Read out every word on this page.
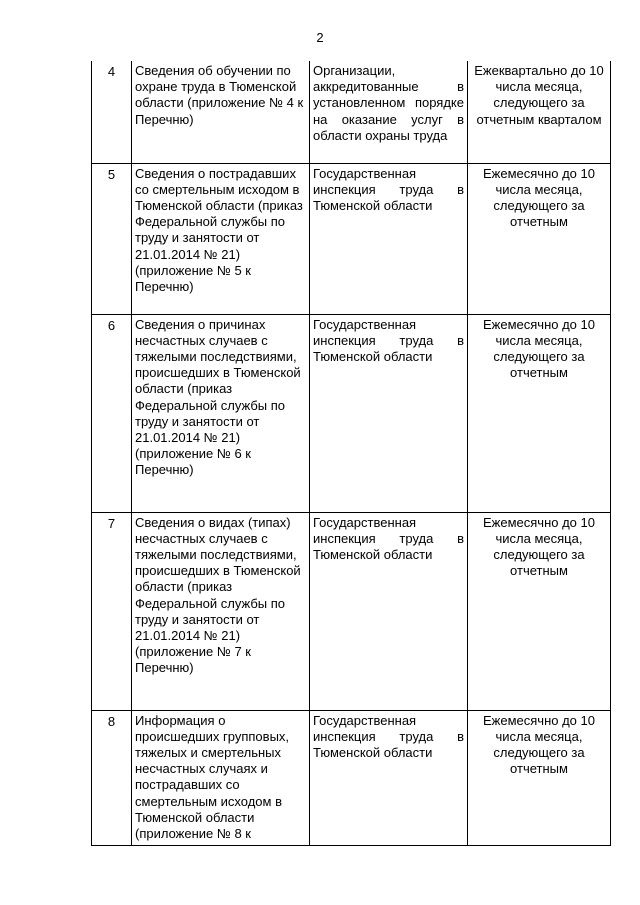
2
4	Сведения об обучении по охране труда в Тюменской области (приложение № 4 к Перечню)	Организации, аккредитованные в установленном порядке на оказание услуг в области охраны труда	Ежеквартально до 10 числа месяца, следующего за отчетным кварталом
5	Сведения о пострадавших со смертельным исходом в Тюменской области (приказ Федеральной службы по труду и занятости от 21.01.2014 № 21) (приложение № 5 к Перечню)	Государственная инспекция труда в Тюменской области	Ежемесячно до 10 числа месяца, следующего за отчетным
6	Сведения о причинах несчастных случаев с тяжелыми последствиями, происшедших в Тюменской области (приказ Федеральной службы по труду и занятости от 21.01.2014 № 21) (приложение № 6 к Перечню)	Государственная инспекция труда в Тюменской области	Ежемесячно до 10 числа месяца, следующего за отчетным
7	Сведения о видах (типах) несчастных случаев с тяжелыми последствиями, происшедших в Тюменской области (приказ Федеральной службы по труду и занятости от 21.01.2014 № 21) (приложение № 7 к Перечню)	Государственная инспекция труда в Тюменской области	Ежемесячно до 10 числа месяца, следующего за отчетным
8	Информация о происшедших групповых, тяжелых и смертельных несчастных случаях и пострадавших со смертельным исходом в Тюменской области (приложение № 8 к	Государственная инспекция труда в Тюменской области	Ежемесячно до 10 числа месяца, следующего за отчетным
